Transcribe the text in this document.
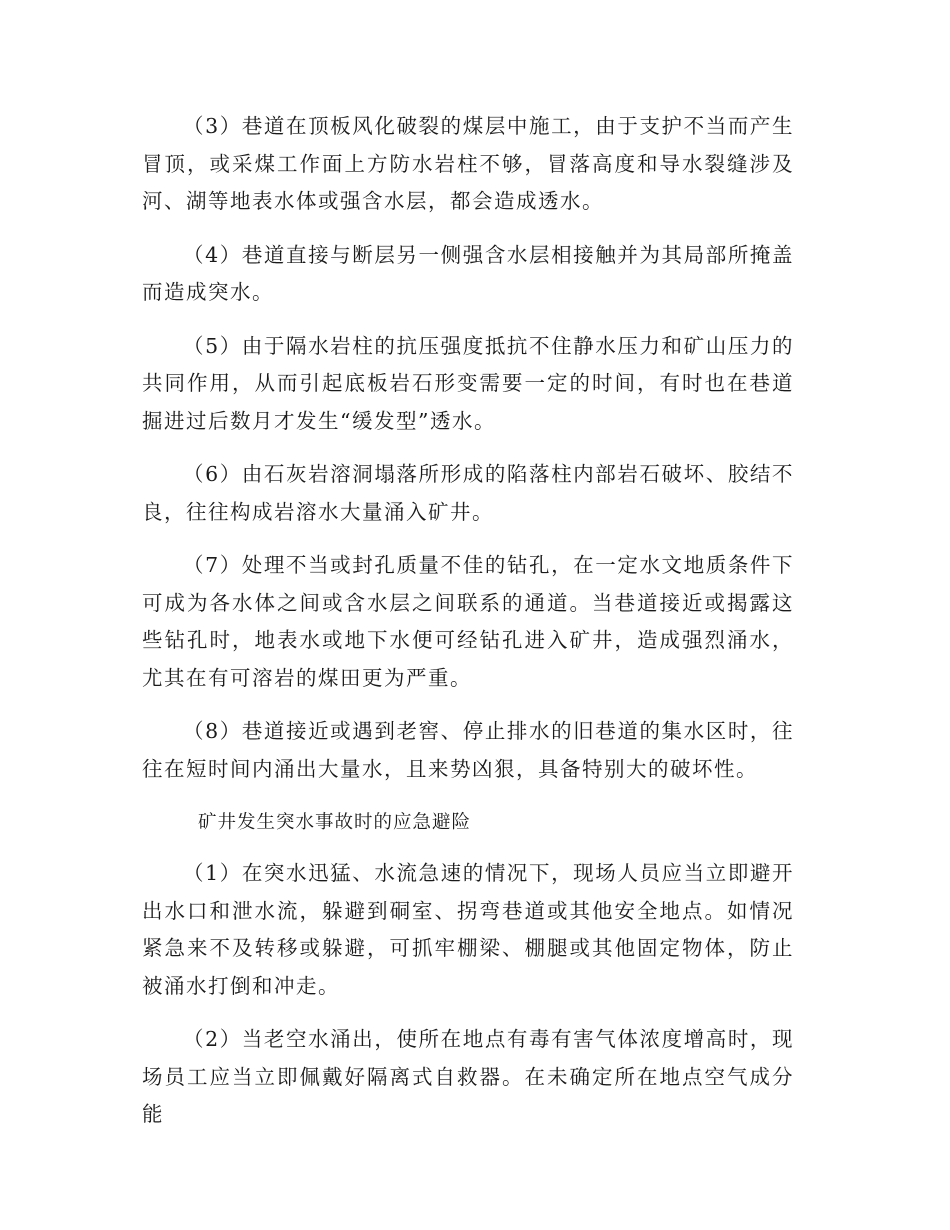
（3）巷道在顶板风化破裂的煤层中施工，由于支护不当而产生冒顶，或采煤工作面上方防水岩柱不够，冒落高度和导水裂缝涉及河、湖等地表水体或强含水层，都会造成透水。

（4）巷道直接与断层另一侧强含水层相接触并为其局部所掩盖而造成突水。

（5）由于隔水岩柱的抗压强度抵抗不住静水压力和矿山压力的共同作用，从而引起底板岩石形变需要一定的时间，有时也在巷道掘进过后数月才发生“缓发型”透水。

（6）由石灰岩溶洞塌落所形成的陷落柱内部岩石破坏、胶结不良，往往构成岩溶水大量涌入矿井。

（7）处理不当或封孔质量不佳的钻孔，在一定水文地质条件下可成为各水体之间或含水层之间联系的通道。当巷道接近或揭露这些钻孔时，地表水或地下水便可经钻孔进入矿井，造成强烈涌水，尤其在有可溶岩的煤田更为严重。

（8）巷道接近或遇到老窖、停止排水的旧巷道的集水区时，往往在短时间内涌出大量水，且来势凶狠，具备特别大的破坏性。

矿井发生突水事故时的应急避险

（1）在突水迅猛、水流急速的情况下，现场人员应当立即避开出水口和泄水流，躲避到硐室、拐弯巷道或其他安全地点。如情况紧急来不及转移或躲避，可抓牢棚梁、棚腿或其他固定物体，防止被涌水打倒和冲走。

（2）当老空水涌出，使所在地点有毒有害气体浓度增高时，现场员工应当立即佩戴好隔离式自救器。在未确定所在地点空气成分能
